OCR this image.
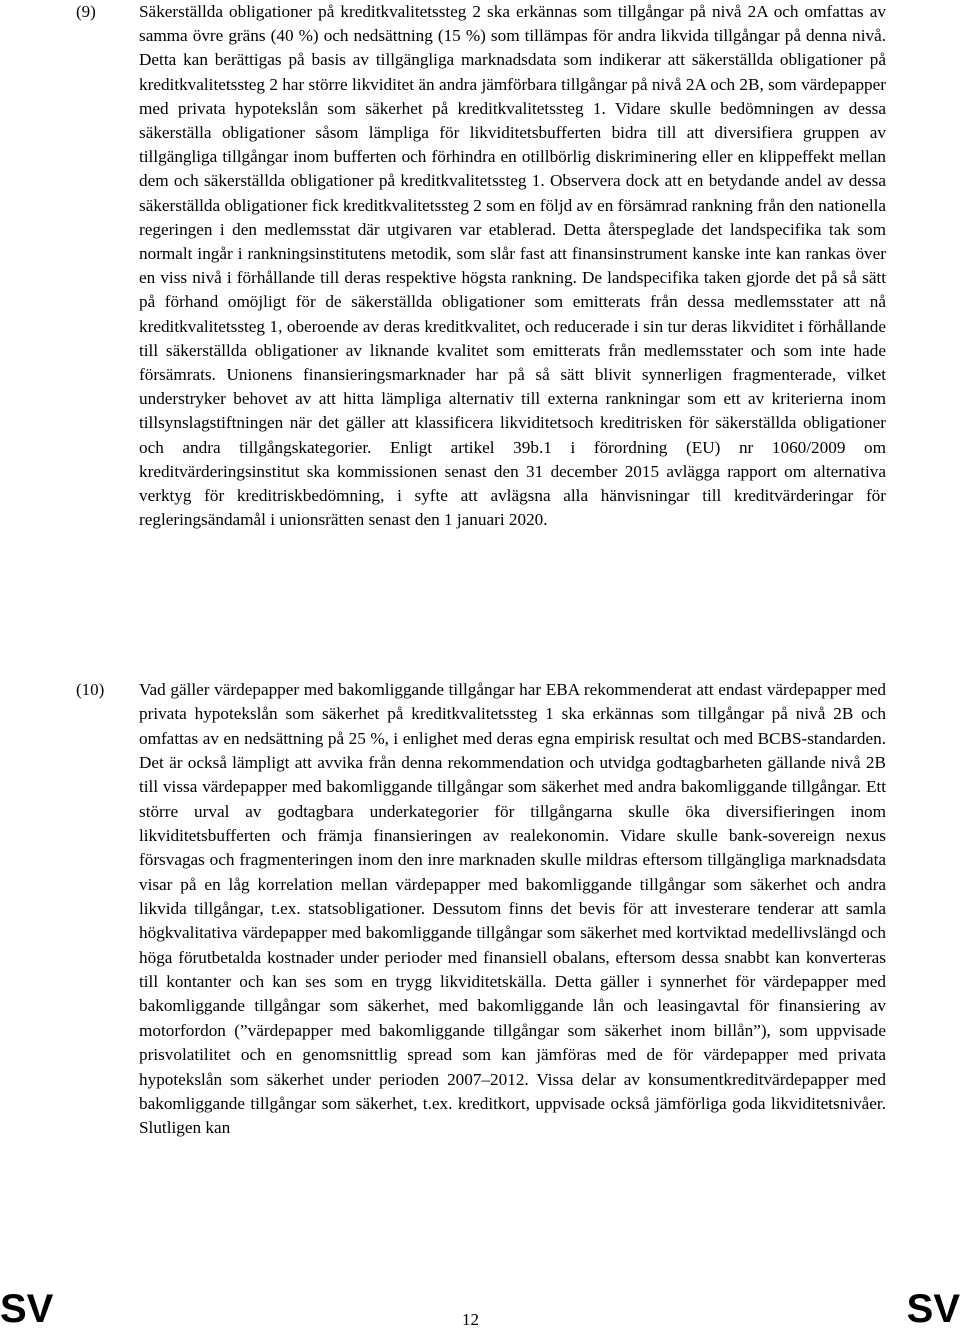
(9)	Säkerställda obligationer på kreditkvalitetssteg 2 ska erkännas som tillgångar på nivå 2A och omfattas av samma övre gräns (40 %) och nedsättning (15 %) som tillämpas för andra likvida tillgångar på denna nivå. Detta kan berättigas på basis av tillgängliga marknadsdata som indikerar att säkerställda obligationer på kreditkvalitetssteg 2 har större likviditet än andra jämförbara tillgångar på nivå 2A och 2B, som värdepapper med privata hypotekslån som säkerhet på kreditkvalitetssteg 1. Vidare skulle bedömningen av dessa säkerställa obligationer såsom lämpliga för likviditetsbufferten bidra till att diversifiera gruppen av tillgängliga tillgångar inom bufferten och förhindra en otillbörlig diskriminering eller en klippeffekt mellan dem och säkerställda obligationer på kreditkvalitetssteg 1. Observera dock att en betydande andel av dessa säkerställda obligationer fick kreditkvalitetssteg 2 som en följd av en försämrad rankning från den nationella regeringen i den medlemsstat där utgivaren var etablerad. Detta återspeglade det landspecifika tak som normalt ingår i rankningsinstitutens metodik, som slår fast att finansinstrument kanske inte kan rankas över en viss nivå i förhållande till deras respektive högsta rankning. De landspecifika taken gjorde det på så sätt på förhand omöjligt för de säkerställda obligationer som emitterats från dessa medlemsstater att nå kreditkvalitetssteg 1, oberoende av deras kreditkvalitet, och reducerade i sin tur deras likviditet i förhållande till säkerställda obligationer av liknande kvalitet som emitterats från medlemsstater och som inte hade försämrats. Unionens finansieringsmarknader har på så sätt blivit synnerligen fragmenterade, vilket understryker behovet av att hitta lämpliga alternativ till externa rankningar som ett av kriterierna inom tillsynslagstiftningen när det gäller att klassificera likviditetsoch kreditrisken för säkerställda obligationer och andra tillgångskategorier. Enligt artikel 39b.1 i förordning (EU) nr 1060/2009 om kreditvärderingsinstitut ska kommissionen senast den 31 december 2015 avlägga rapport om alternativa verktyg för kreditriskbedömning, i syfte att avlägsna alla hänvisningar till kreditvärderingar för regleringsändamål i unionsrätten senast den 1 januari 2020.
(10) Vad gäller värdepapper med bakomliggande tillgångar har EBA rekommenderat att endast värdepapper med privata hypotekslån som säkerhet på kreditkvalitetssteg 1 ska erkännas som tillgångar på nivå 2B och omfattas av en nedsättning på 25 %, i enlighet med deras egna empirisk resultat och med BCBS-standarden. Det är också lämpligt att avvika från denna rekommendation och utvidga godtagbarheten gällande nivå 2B till vissa värdepapper med bakomliggande tillgångar som säkerhet med andra bakomliggande tillgångar. Ett större urval av godtagbara underkategorier för tillgångarna skulle öka diversifieringen inom likviditetsbufferten och främja finansieringen av realekonomin. Vidare skulle bank-sovereign nexus försvagas och fragmenteringen inom den inre marknaden skulle mildras eftersom tillgängliga marknadsdata visar på en låg korrelation mellan värdepapper med bakomliggande tillgångar som säkerhet och andra likvida tillgångar, t.ex. statsobligationer. Dessutom finns det bevis för att investerare tenderar att samla högkvalitativa värdepapper med bakomliggande tillgångar som säkerhet med kortviktad medellivslängd och höga förutbetalda kostnader under perioder med finansiell obalans, eftersom dessa snabbt kan konverteras till kontanter och kan ses som en trygg likviditetskälla. Detta gäller i synnerhet för värdepapper med bakomliggande tillgångar som säkerhet, med bakomliggande lån och leasingavtal för finansiering av motorfordon (”värdepapper med bakomliggande tillgångar som säkerhet inom billån”), som uppvisade prisvolatilitet och en genomsnittlig spread som kan jämföras med de för värdepapper med privata hypotekslån som säkerhet under perioden 2007–2012. Vissa delar av konsumentkreditvärdepapper med bakomliggande tillgångar som säkerhet, t.ex. kreditkort, uppvisade också jämförliga goda likviditetsnivåer. Slutligen kan
SV	12	SV
